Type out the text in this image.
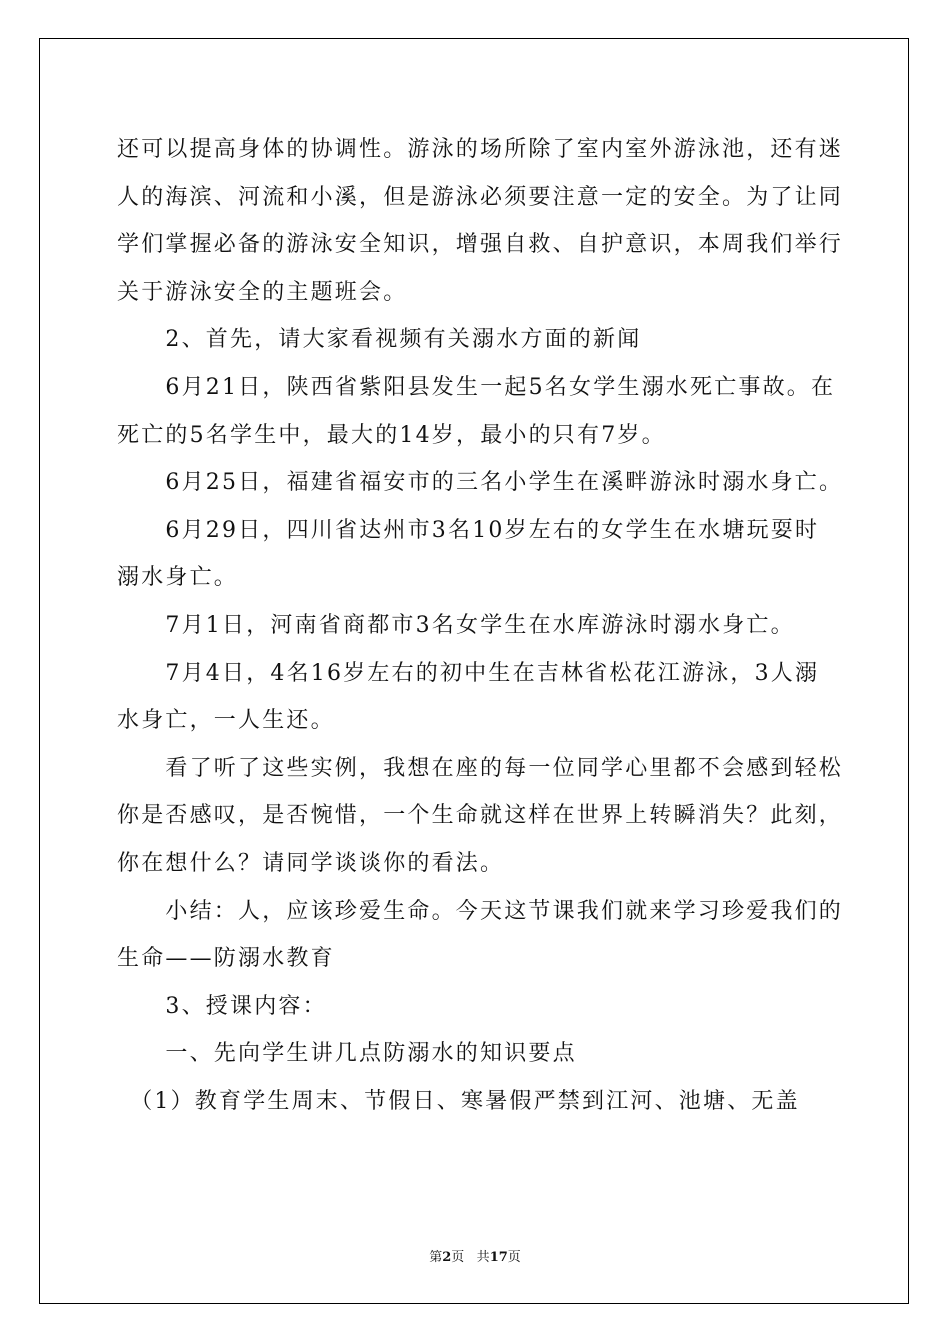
还可以提高身体的协调性。游泳的场所除了室内室外游泳池，还有迷

人的海滨、河流和小溪，但是游泳必须要注意一定的安全。为了让同

学们掌握必备的游泳安全知识，增强自救、自护意识，本周我们举行

关于游泳安全的主题班会。

　　2、首先，请大家看视频有关溺水方面的新闻

　　6月21日，陕西省紫阳县发生一起5名女学生溺水死亡事故。在

死亡的5名学生中，最大的14岁，最小的只有7岁。

　　6月25日，福建省福安市的三名小学生在溪畔游泳时溺水身亡。

　　6月29日，四川省达州市3名10岁左右的女学生在水塘玩耍时

溺水身亡。

　　7月1日，河南省商都市3名女学生在水库游泳时溺水身亡。

　　7月4日，4名16岁左右的初中生在吉林省松花江游泳，3人溺

水身亡，一人生还。

　　看了听了这些实例，我想在座的每一位同学心里都不会感到轻松

你是否感叹，是否惋惜，一个生命就这样在世界上转瞬消失？此刻，

你在想什么？请同学谈谈你的看法。

　　小结：人，应该珍爱生命。今天这节课我们就来学习珍爱我们的

生命——防溺水教育

　　3、授课内容：

　　一、先向学生讲几点防溺水的知识要点

　（1）教育学生周末、节假日、寒暑假严禁到江河、池塘、无盖

第2页 共17页
